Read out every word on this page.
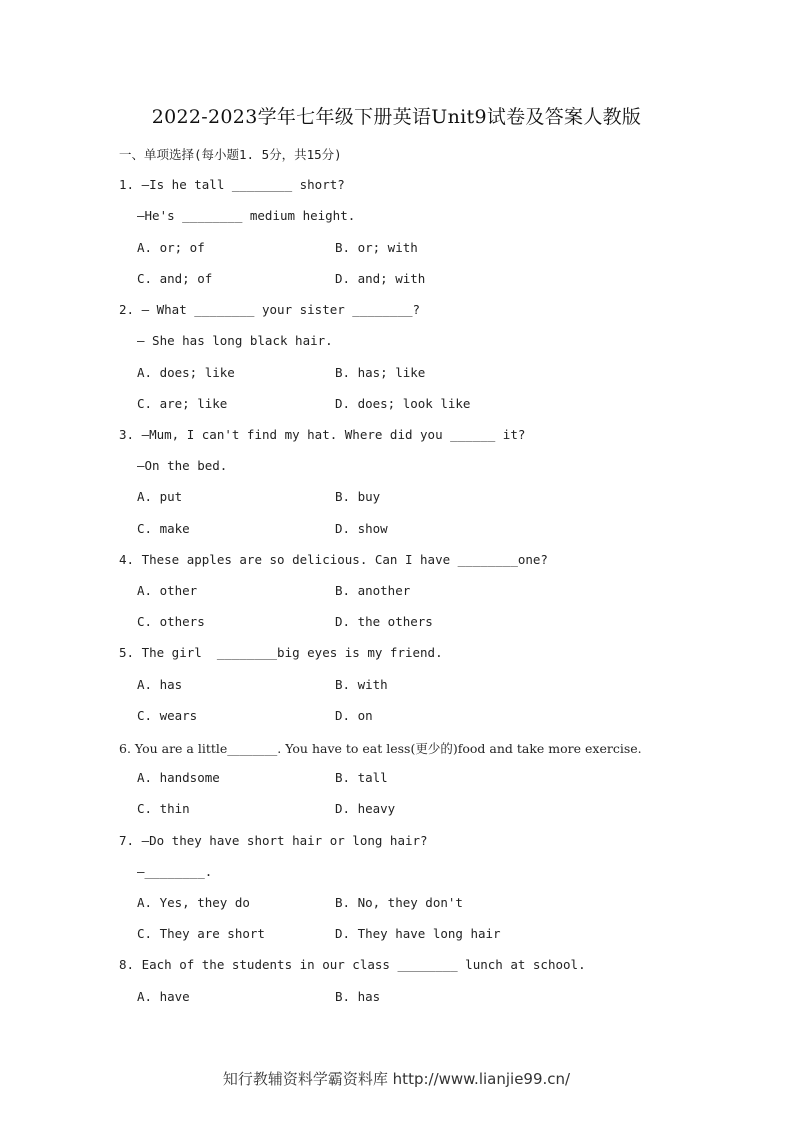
2022-2023学年七年级下册英语Unit9试卷及答案人教版
一、单项选择(每小题1. 5分，共15分)
1. —Is he tall ________ short?
—He's ________ medium height.
A. or; of	B. or; with
C. and; of	D. and; with
2. — What ________ your sister ________?
— She has long black hair.
A. does; like	B. has; like
C. are; like	D. does; look like
3. —Mum, I can't find my hat. Where did you ______ it?
—On the bed.
A. put	B. buy
C. make	D. show
4. These apples are so delicious. Can I have ________one?
A. other	B. another
C. others	D. the others
5. The girl  ________big eyes is my friend.
A. has	B. with
C. wears	D. on
6. You are a little________. You have to eat less(更少的)food and take more exercise.
A. handsome	B. tall
C. thin	D. heavy
7. —Do they have short hair or long hair?
—________.
A. Yes, they do	B. No, they don't
C. They are short	D. They have long hair
8. Each of the students in our class ________ lunch at school.
A. have	B. has
知行教辅资料学霸资料库 http://www.lianjie99.cn/
